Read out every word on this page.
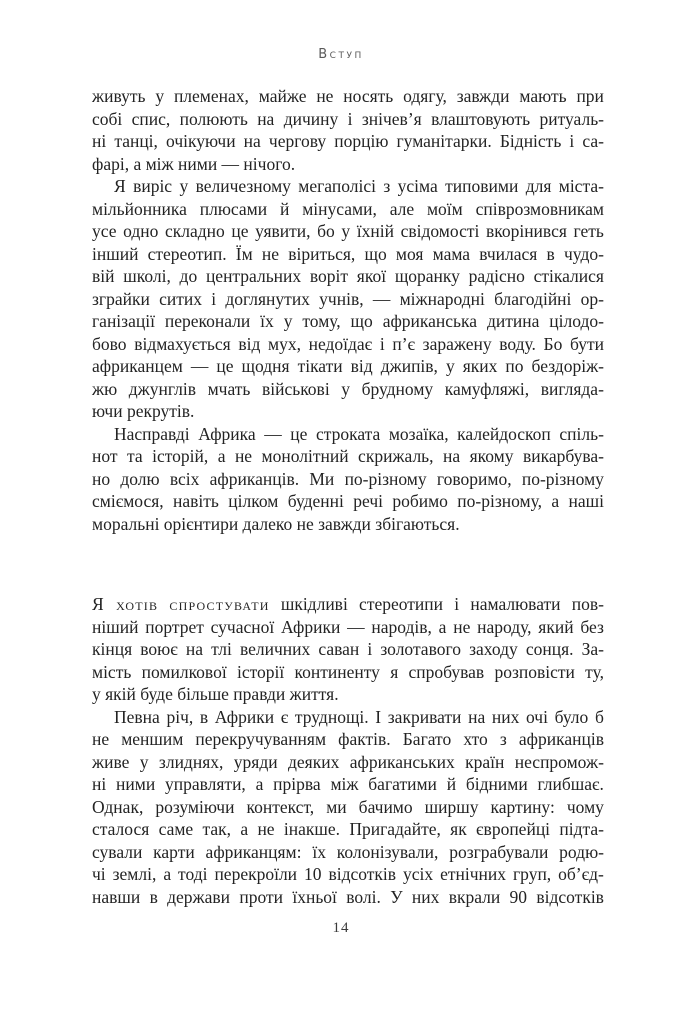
Вступ
живуть у племенах, майже не носять одягу, завжди мають при
собі спис, полюють на дичину і знічев’я влаштовують ритуаль-
ні танці, очікуючи на чергову порцію гуманітарки. Бідність і са-
фарі, а між ними — нічого.
Я виріс у величезному мегаполісі з усіма типовими для міста-
мільйонника плюсами й мінусами, але моїм співрозмовникам
усе одно складно це уявити, бо у їхній свідомості вкорінився геть
інший стереотип. Їм не віриться, що моя мама вчилася в чудо-
вій школі, до центральних воріт якої щоранку радісно стікалися
зграйки ситих і доглянутих учнів, — міжнародні благодійні ор-
ганізації переконали їх у тому, що африканська дитина цілодо-
бово відмахується від мух, недоїдає і п’є заражену воду. Бо бути
африканцем — це щодня тікати від джипів, у яких по бездоріж-
жю джунглів мчать військові у брудному камуфляжі, вигляда-
ючи рекрутів.
Насправді Африка — це строката мозаїка, калейдоскоп спіль-
нот та історій, а не монолітний скрижаль, на якому викарбува-
но долю всіх африканців. Ми по-різному говоримо, по-різному
сміємося, навіть цілком буденні речі робимо по-різному, а наші
моральні орієнтири далеко не завжди збігаються.
Я хотів спростувати шкідливі стереотипи і намалювати пов-
ніший портрет сучасної Африки — народів, а не народу, який без
кінця воює на тлі величних саван і золотавого заходу сонця. За-
мість помилкової історії континенту я спробував розповісти ту,
у якій буде більше правди життя.
Певна річ, в Африки є труднощі. І закривати на них очі було б
не меншим перекручуванням фактів. Багато хто з африканців
живе у злиднях, уряди деяких африканських країн неспромож-
ні ними управляти, а прірва між багатими й бідними глибшає.
Однак, розуміючи контекст, ми бачимо ширшу картину: чому
сталося саме так, а не інакше. Пригадайте, як європейці підта-
сували карти африканцям: їх колонізували, розграбували родю-
чі землі, а тоді перекроїли 10 відсотків усіх етнічних груп, об’єд-
навши в держави проти їхньої волі. У них вкрали 90 відсотків
14
